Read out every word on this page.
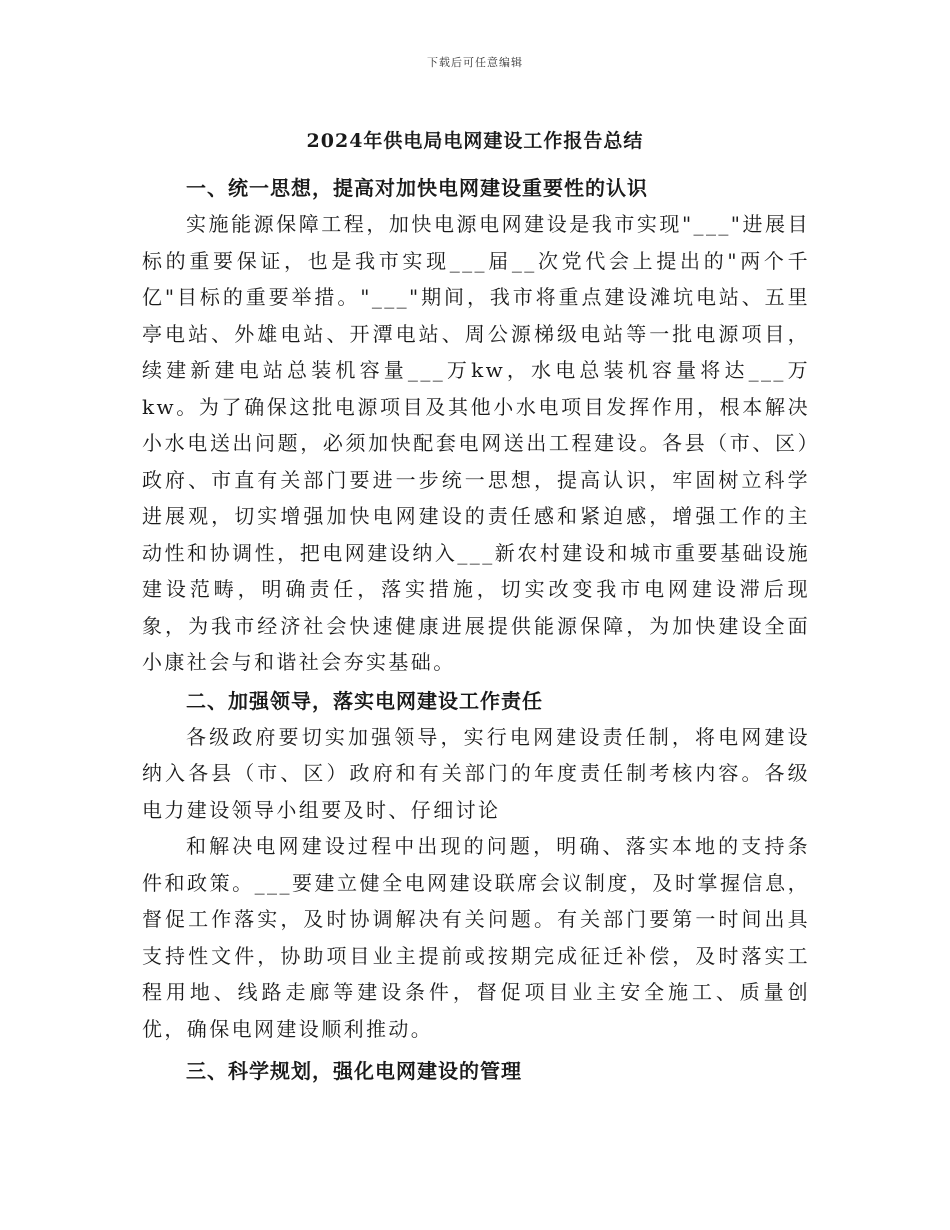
下载后可任意编辑
2024年供电局电网建设工作报告总结
一、统一思想，提高对加快电网建设重要性的认识

实施能源保障工程，加快电源电网建设是我市实现"___"进展目标的重要保证，也是我市实现___届__次党代会上提出的"两个千亿"目标的重要举措。"___"期间，我市将重点建设滩坑电站、五里亭电站、外雄电站、开潭电站、周公源梯级电站等一批电源项目，续建新建电站总装机容量___万kw，水电总装机容量将达___万kw。为了确保这批电源项目及其他小水电项目发挥作用，根本解决小水电送出问题，必须加快配套电网送出工程建设。各县（市、区）政府、市直有关部门要进一步统一思想，提高认识，牢固树立科学进展观，切实增强加快电网建设的责任感和紧迫感，增强工作的主动性和协调性，把电网建设纳入___新农村建设和城市重要基础设施建设范畴，明确责任，落实措施，切实改变我市电网建设滞后现象，为我市经济社会快速健康进展提供能源保障，为加快建设全面小康社会与和谐社会夯实基础。

二、加强领导，落实电网建设工作责任

各级政府要切实加强领导，实行电网建设责任制，将电网建设纳入各县（市、区）政府和有关部门的年度责任制考核内容。各级电力建设领导小组要及时、仔细讨论

和解决电网建设过程中出现的问题，明确、落实本地的支持条件和政策。___要建立健全电网建设联席会议制度，及时掌握信息，督促工作落实，及时协调解决有关问题。有关部门要第一时间出具支持性文件，协助项目业主提前或按期完成征迁补偿，及时落实工程用地、线路走廊等建设条件，督促项目业主安全施工、质量创优，确保电网建设顺利推动。

三、科学规划，强化电网建设的管理
